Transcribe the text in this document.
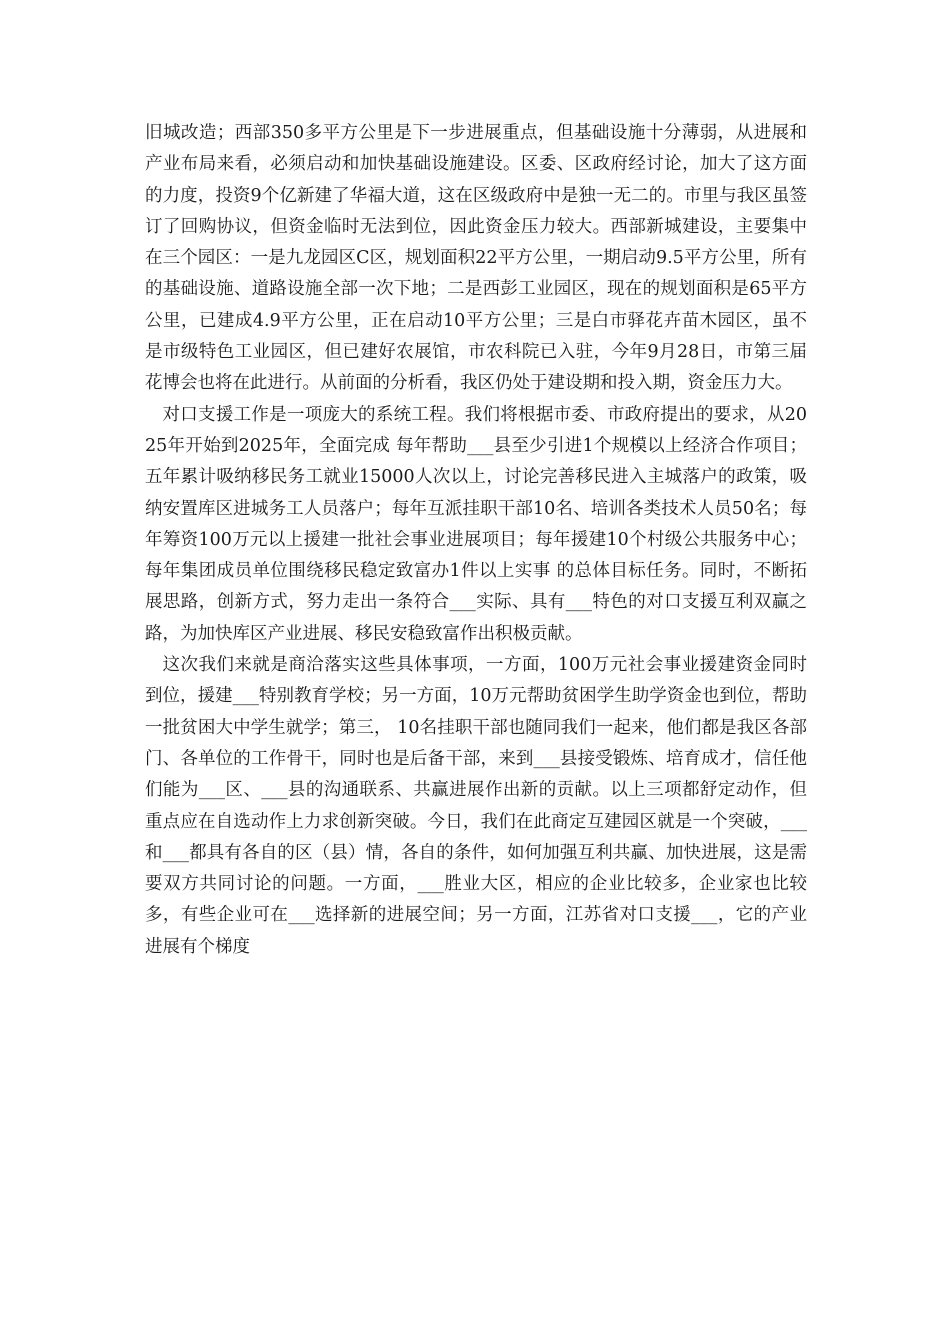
旧城改造；西部350多平方公里是下一步进展重点，但基础设施十分薄弱，从进展和产业布局来看，必须启动和加快基础设施建设。区委、区政府经讨论，加大了这方面的力度，投资9个亿新建了华福大道，这在区级政府中是独一无二的。市里与我区虽签订了回购协议，但资金临时无法到位，因此资金压力较大。西部新城建设，主要集中在三个园区：一是九龙园区C区，规划面积22平方公里，一期启动9.5平方公里，所有的基础设施、道路设施全部一次下地；二是西彭工业园区，现在的规划面积是65平方公里，已建成4.9平方公里，正在启动10平方公里；三是白市驿花卉苗木园区，虽不是市级特色工业园区，但已建好农展馆，市农科院已入驻，今年9月28日，市第三届花博会也将在此进行。从前面的分析看，我区仍处于建设期和投入期，资金压力大。

对口支援工作是一项庞大的系统工程。我们将根据市委、市政府提出的要求，从2025年开始到2025年，全面完成 每年帮助___县至少引进1个规模以上经济合作项目；五年累计吸纳移民务工就业15000人次以上，讨论完善移民进入主城落户的政策，吸纳安置库区进城务工人员落户；每年互派挂职干部10名、培训各类技术人员50名；每年筹资100万元以上援建一批社会事业进展项目；每年援建10个村级公共服务中心；每年集团成员单位围绕移民稳定致富办1件以上实事 的总体目标任务。同时，不断拓展思路，创新方式，努力走出一条符合___实际、具有___特色的对口支援互利双赢之路，为加快库区产业进展、移民安稳致富作出积极贡献。

这次我们来就是商洽落实这些具体事项，一方面，100万元社会事业援建资金同时到位，援建___特别教育学校；另一方面，10万元帮助贫困学生助学资金也到位，帮助一批贫困大中学生就学；第三， 10名挂职干部也随同我们一起来，他们都是我区各部门、各单位的工作骨干，同时也是后备干部，来到___县接受锻炼、培育成才，信任他们能为___区、___县的沟通联系、共赢进展作出新的贡献。以上三项都舒定动作，但重点应在自选动作上力求创新突破。今日，我们在此商定互建园区就是一个突破，___和___都具有各自的区（县）情，各自的条件，如何加强互利共赢、加快进展，这是需要双方共同讨论的问题。一方面，___胜业大区，相应的企业比较多，企业家也比较多，有些企业可在___选择新的进展空间；另一方面，江苏省对口支援___，它的产业进展有个梯度
